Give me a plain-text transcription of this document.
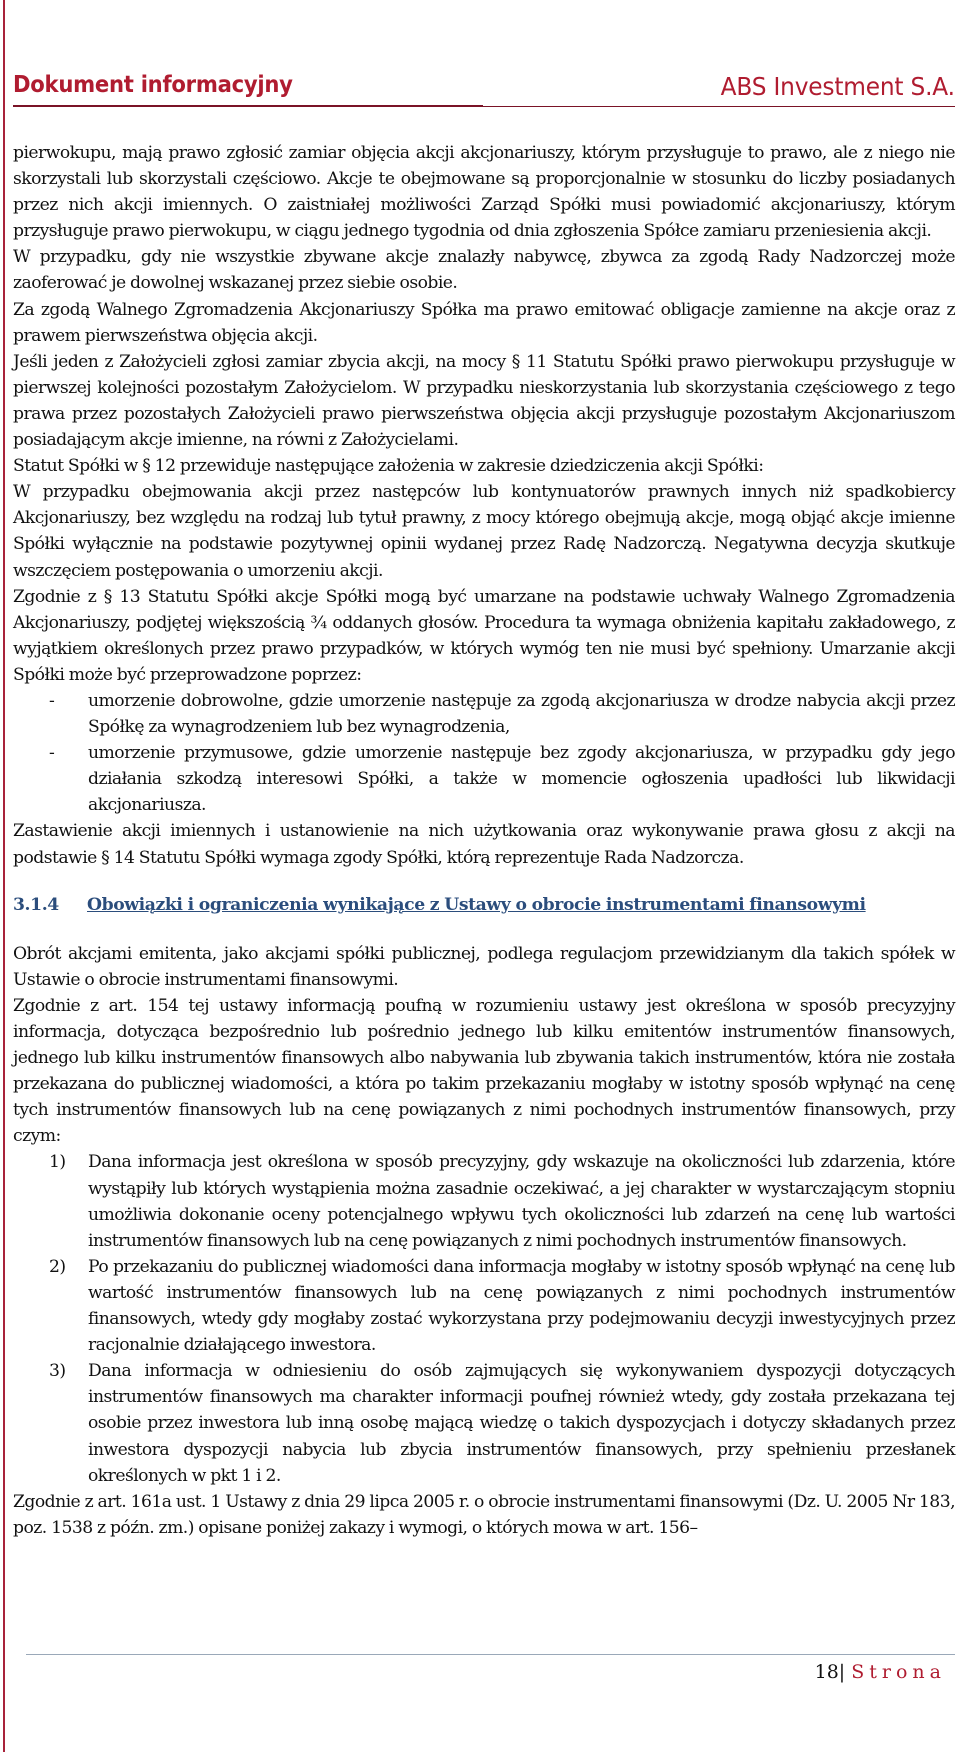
Dokument informacyjny	ABS Investment S.A.

pierwokupu, mają prawo zgłosić zamiar objęcia akcji akcjonariuszy, którym przysługuje to prawo, ale z niego nie skorzystali lub skorzystali częściowo. Akcje te obejmowane są proporcjonalnie w stosunku do liczby posiadanych przez nich akcji imiennych. O zaistniałej możliwości Zarząd Spółki musi powiadomić akcjonariuszy, którym przysługuje prawo pierwokupu, w ciągu jednego tygodnia od dnia zgłoszenia Spółce zamiaru przeniesienia akcji.

W przypadku, gdy nie wszystkie zbywane akcje znalazły nabywcę, zbywca za zgodą Rady Nadzorczej może zaoferować je dowolnej wskazanej przez siebie osobie.

Za zgodą Walnego Zgromadzenia Akcjonariuszy Spółka ma prawo emitować obligacje zamienne na akcje oraz z prawem pierwszeństwa objęcia akcji.

Jeśli jeden z Założycieli zgłosi zamiar zbycia akcji, na mocy § 11 Statutu Spółki prawo pierwokupu przysługuje w pierwszej kolejności pozostałym Założycielom. W przypadku nieskorzystania lub skorzystania częściowego z tego prawa przez pozostałych Założycieli prawo pierwszeństwa objęcia akcji przysługuje pozostałym Akcjonariuszom posiadającym akcje imienne, na równi z Założycielami.

Statut Spółki w § 12 przewiduje następujące założenia w zakresie dziedziczenia akcji Spółki:

W przypadku obejmowania akcji przez następców lub kontynuatorów prawnych innych niż spadkobiercy Akcjonariuszy, bez względu na rodzaj lub tytuł prawny, z mocy którego obejmują akcje, mogą objąć akcje imienne Spółki wyłącznie na podstawie pozytywnej opinii wydanej przez Radę Nadzorczą. Negatywna decyzja skutkuje wszczęciem postępowania o umorzeniu akcji.

Zgodnie z § 13 Statutu Spółki akcje Spółki mogą być umarzane na podstawie uchwały Walnego Zgromadzenia Akcjonariuszy, podjętej większością ¾ oddanych głosów. Procedura ta wymaga obniżenia kapitału zakładowego, z wyjątkiem określonych przez prawo przypadków, w których wymóg ten nie musi być spełniony. Umarzanie akcji Spółki może być przeprowadzone poprzez:

- umorzenie dobrowolne, gdzie umorzenie następuje za zgodą akcjonariusza w drodze nabycia akcji przez Spółkę za wynagrodzeniem lub bez wynagrodzenia,
- umorzenie przymusowe, gdzie umorzenie następuje bez zgody akcjonariusza, w przypadku gdy jego działania szkodzą interesowi Spółki, a także w momencie ogłoszenia upadłości lub likwidacji akcjonariusza.

Zastawienie akcji imiennych i ustanowienie na nich użytkowania oraz wykonywanie prawa głosu z akcji na podstawie § 14 Statutu Spółki wymaga zgody Spółki, którą reprezentuje Rada Nadzorcza.

3.1.4 Obowiązki i ograniczenia wynikające z Ustawy o obrocie instrumentami finansowymi

Obrót akcjami emitenta, jako akcjami spółki publicznej, podlega regulacjom przewidzianym dla takich spółek w Ustawie o obrocie instrumentami finansowymi.

Zgodnie z art. 154 tej ustawy informacją poufną w rozumieniu ustawy jest określona w sposób precyzyjny informacja, dotycząca bezpośrednio lub pośrednio jednego lub kilku emitentów instrumentów finansowych, jednego lub kilku instrumentów finansowych albo nabywania lub zbywania takich instrumentów, która nie została przekazana do publicznej wiadomości, a która po takim przekazaniu mogłaby w istotny sposób wpłynąć na cenę tych instrumentów finansowych lub na cenę powiązanych z nimi pochodnych instrumentów finansowych, przy czym:

1) Dana informacja jest określona w sposób precyzyjny, gdy wskazuje na okoliczności lub zdarzenia, które wystąpiły lub których wystąpienia można zasadnie oczekiwać, a jej charakter w wystarczającym stopniu umożliwia dokonanie oceny potencjalnego wpływu tych okoliczności lub zdarzeń na cenę lub wartości instrumentów finansowych lub na cenę powiązanych z nimi pochodnych instrumentów finansowych.
2) Po przekazaniu do publicznej wiadomości dana informacja mogłaby w istotny sposób wpłynąć na cenę lub wartość instrumentów finansowych lub na cenę powiązanych z nimi pochodnych instrumentów finansowych, wtedy gdy mogłaby zostać wykorzystana przy podejmowaniu decyzji inwestycyjnych przez racjonalnie działającego inwestora.
3) Dana informacja w odniesieniu do osób zajmujących się wykonywaniem dyspozycji dotyczących instrumentów finansowych ma charakter informacji poufnej również wtedy, gdy została przekazana tej osobie przez inwestora lub inną osobę mającą wiedzę o takich dyspozycjach i dotyczy składanych przez inwestora dyspozycji nabycia lub zbycia instrumentów finansowych, przy spełnieniu przesłanek określonych w pkt 1 i 2.

Zgodnie z art. 161a ust. 1 Ustawy z dnia 29 lipca 2005 r. o obrocie instrumentami finansowymi (Dz. U. 2005 Nr 183, poz. 1538 z późn. zm.) opisane poniżej zakazy i wymogi, o których mowa w art. 156–

18| Strona
